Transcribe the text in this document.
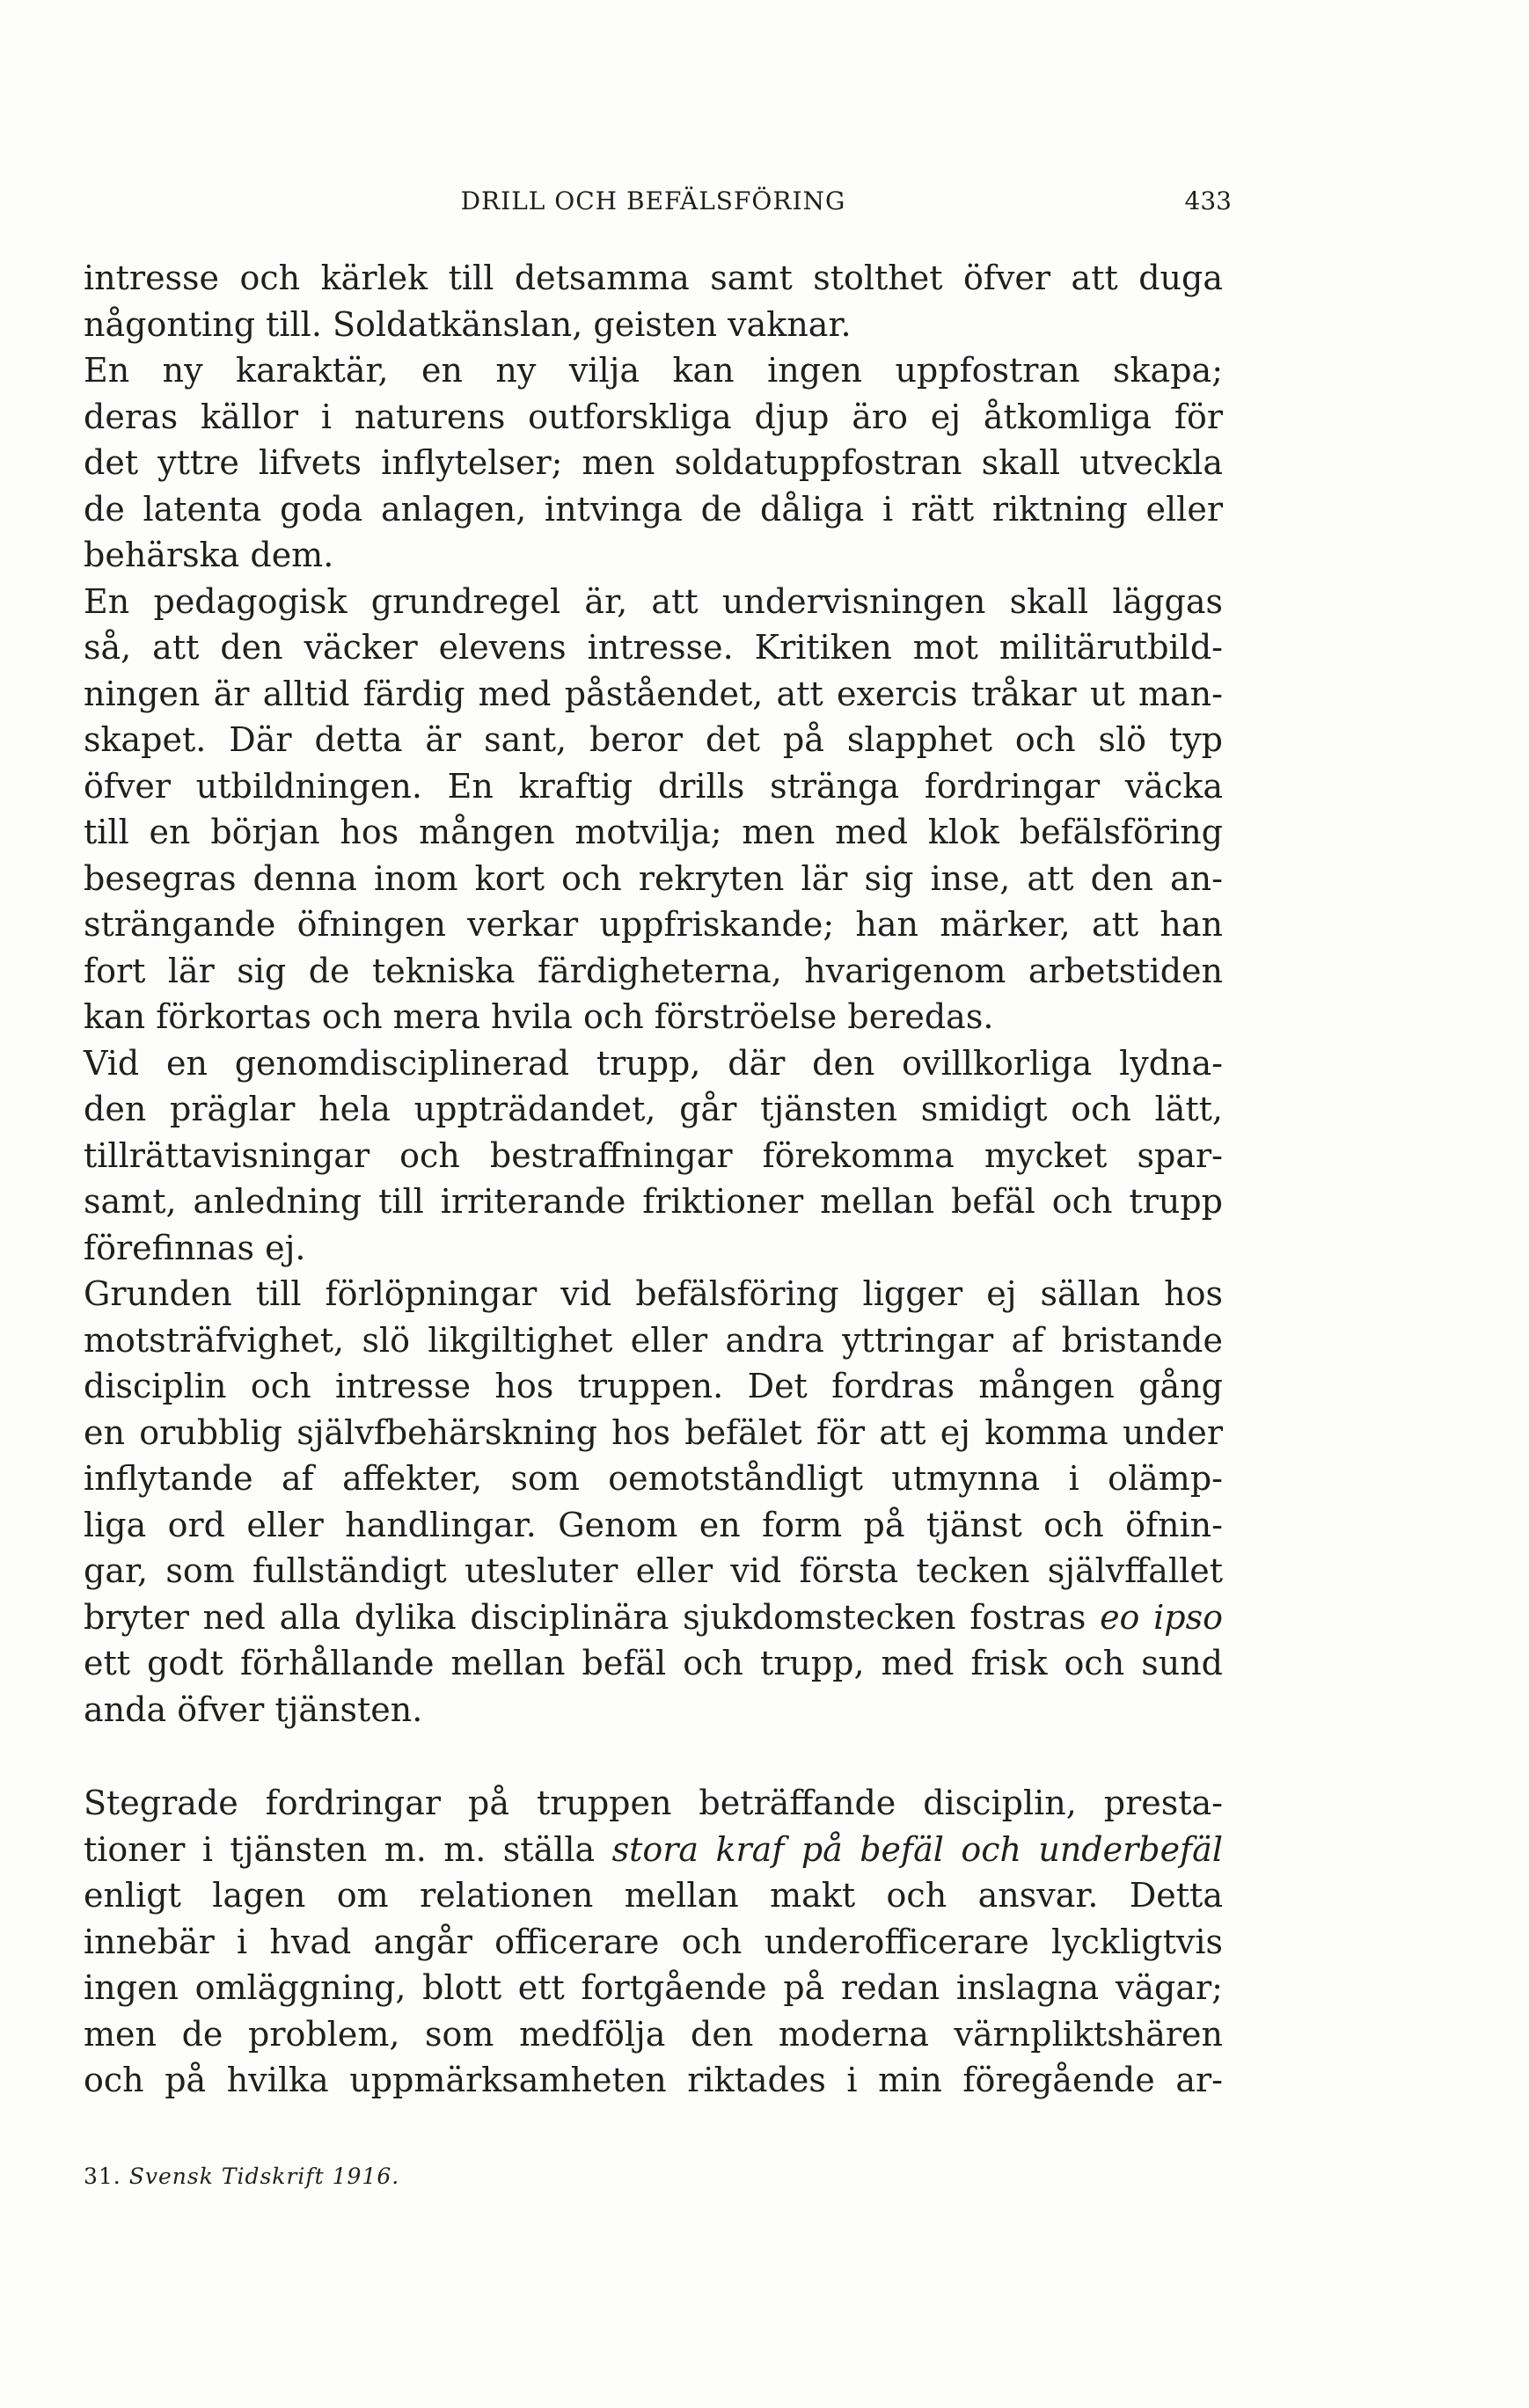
DRILL OCH BEFÄLSFÖRING	433
intresse och kärlek till detsamma samt stolthet öfver att duga
någonting till. Soldatkänslan, geisten vaknar.
En ny karaktär, en ny vilja kan ingen uppfostran skapa;
deras källor i naturens outforskliga djup äro ej åtkomliga för
det yttre lifvets inflytelser; men soldatuppfostran skall utveckla
de latenta goda anlagen, intvinga de dåliga i rätt riktning eller
behärska dem.
En pedagogisk grundregel är, att undervisningen skall läggas
så, att den väcker elevens intresse. Kritiken mot militärutbild-
ningen är alltid färdig med påståendet, att exercis tråkar ut man-
skapet. Där detta är sant, beror det på slapphet och slö typ
öfver utbildningen. En kraftig drills stränga fordringar väcka
till en början hos mången motvilja; men med klok befälsföring
besegras denna inom kort och rekryten lär sig inse, att den an-
strängande öfningen verkar uppfriskande; han märker, att han
fort lär sig de tekniska färdigheterna, hvarigenom arbetstiden
kan förkortas och mera hvila och förströelse beredas.
Vid en genomdisciplinerad trupp, där den ovillkorliga lydna-
den präglar hela uppträdandet, går tjänsten smidigt och lätt,
tillrättavisningar och bestraffningar förekomma mycket spar-
samt, anledning till irriterande friktioner mellan befäl och trupp
förefinnas ej.
Grunden till förlöpningar vid befälsföring ligger ej sällan hos
motsträfvighet, slö likgiltighet eller andra yttringar af bristande
disciplin och intresse hos truppen. Det fordras mången gång
en orubblig självfbehärskning hos befälet för att ej komma under
inflytande af affekter, som oemotståndligt utmynna i olämp-
liga ord eller handlingar. Genom en form på tjänst och öfnin-
gar, som fullständigt utesluter eller vid första tecken självffallet
bryter ned alla dylika disciplinära sjukdomstecken fostras eo ipso
ett godt förhållande mellan befäl och trupp, med frisk och sund
anda öfver tjänsten.
Stegrade fordringar på truppen beträffande disciplin, presta-
tioner i tjänsten m. m. ställa stora kraf på befäl och underbefäl
enligt lagen om relationen mellan makt och ansvar. Detta
innebär i hvad angår officerare och underofficerare lyckligtvis
ingen omläggning, blott ett fortgående på redan inslagna vägar;
men de problem, som medfölja den moderna värnpliktshären
och på hvilka uppmärksamheten riktades i min föregående ar-
31. Svensk Tidskrift 1916.
